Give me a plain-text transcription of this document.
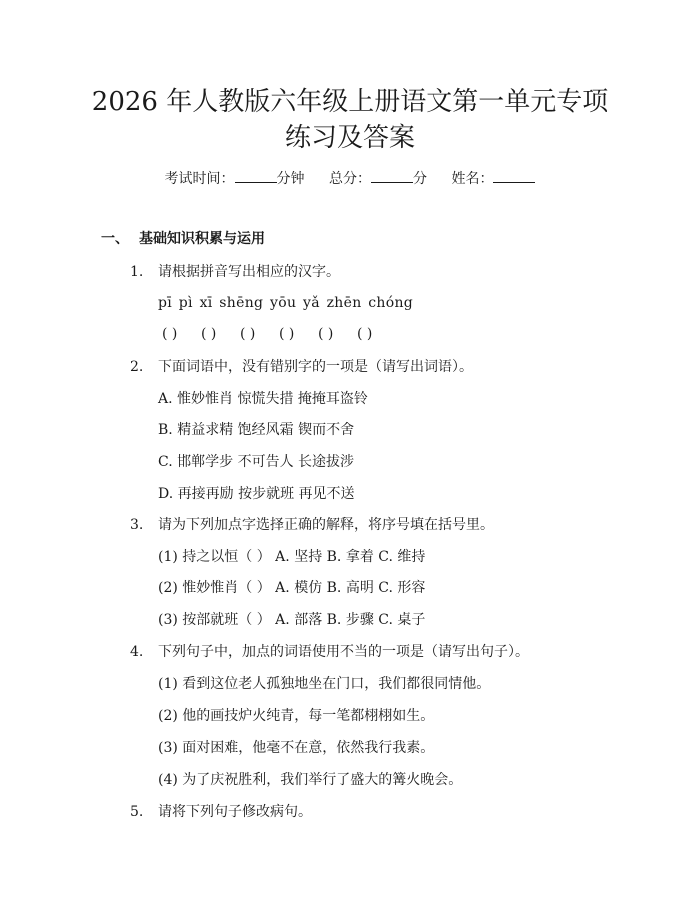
2026 年人教版六年级上册语文第一单元专项
练习及答案
考试时间：	分钟 总分：	分 姓名：
一、 基础知识积累与运用
1. 请根据拼音写出相应的汉字。
pī pì xī shēng yōu yǎ zhēn chóng
( ) ( ) ( ) ( ) ( ) ( )
2. 下面词语中，没有错别字的一项是（请写出词语）。
A. 惟妙惟肖 惊慌失措 掩掩耳盗铃
B. 精益求精 饱经风霜 锲而不舍
C. 邯郸学步 不可告人 长途拔涉
D. 再接再励 按步就班 再见不送
3. 请为下列加点字选择正确的解释，将序号填在括号里。
(1) 持之以恒（ ） A. 坚持 B. 拿着 C. 维持
(2) 惟妙惟肖（ ） A. 模仿 B. 高明 C. 形容
(3) 按部就班（ ） A. 部落 B. 步骤 C. 桌子
4. 下列句子中，加点的词语使用不当的一项是（请写出句子）。
(1) 看到这位老人孤独地坐在门口，我们都很同情他。
(2) 他的画技炉火纯青，每一笔都栩栩如生。
(3) 面对困难，他毫不在意，依然我行我素。
(4) 为了庆祝胜利，我们举行了盛大的篝火晚会。
5. 请将下列句子修改病句。
